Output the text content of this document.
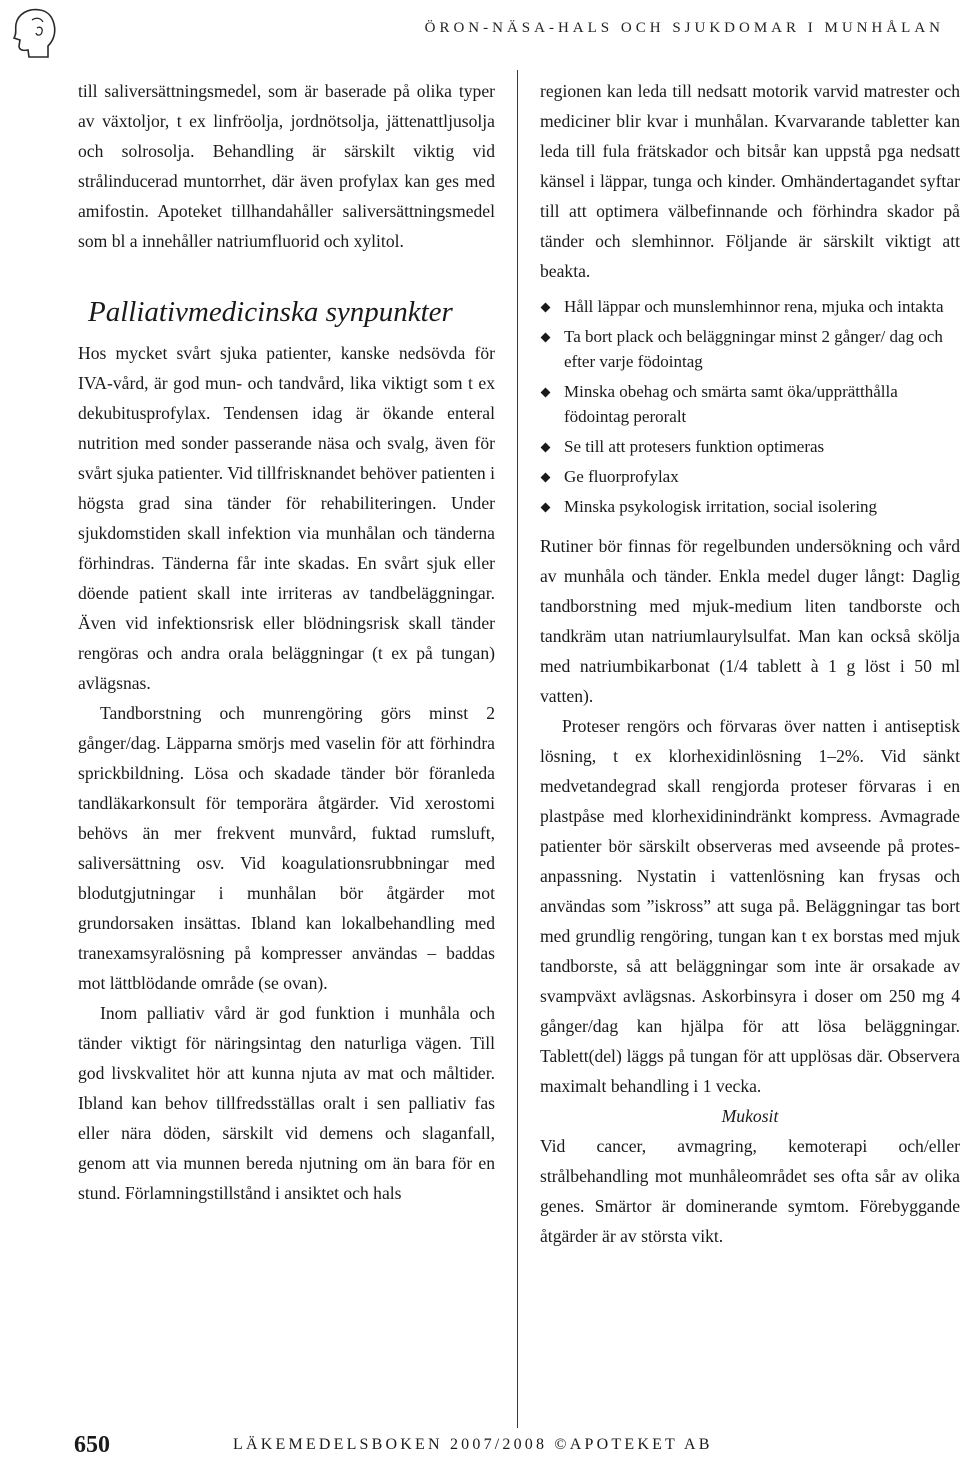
ÖRON-NÄSA-HALS OCH SJUKDOMAR I MUNHÅLAN

till saliversättningsmedel, som är baserade på olika typer av växtoljor, t ex linfröolja, jordnötsolja, jättenattljusolja och solrosolja. Behandling är särskilt viktig vid strålinducerad muntorrhet, där även profylax kan ges med amifostin. Apoteket tillhandahåller saliversättningsmedel som bl a innehåller natriumfluorid och xylitol.

Palliativmedicinska synpunkter

Hos mycket svårt sjuka patienter, kanske nedsövda för IVA-vård, är god mun- och tandvård, lika viktigt som t ex dekubitusprofylax. Tendensen idag är ökande enteral nutrition med sonder passerande näsa och svalg, även för svårt sjuka patienter. Vid tillfrisknandet behöver patienten i högsta grad sina tänder för rehabiliteringen. Under sjukdomstiden skall infektion via munhålan och tänderna förhindras. Tänderna får inte skadas. En svårt sjuk eller döende patient skall inte irriteras av tandbeläggningar. Även vid infektionsrisk eller blödningsrisk skall tänder rengöras och andra orala beläggningar (t ex på tungan) avlägsnas.

Tandborstning och munrengöring görs minst 2 gånger/dag. Läpparna smörjs med vaselin för att förhindra sprickbildning. Lösa och skadade tänder bör föranleda tandläkarkonsult för temporära åtgärder. Vid xerostomi behövs än mer frekvent munvård, fuktad rumsluft, saliversättning osv. Vid koagulationsrubbningar med blodutgjutningar i munhålan bör åtgärder mot grundorsaken insättas. Ibland kan lokalbehandling med tranexamsyralösning på kompresser användas – baddas mot lättblödande område (se ovan).

Inom palliativ vård är god funktion i munhåla och tänder viktigt för näringsintag den naturliga vägen. Till god livskvalitet hör att kunna njuta av mat och måltider. Ibland kan behov tillfredsställas oralt i sen palliativ fas eller nära döden, särskilt vid demens och slaganfall, genom att via munnen bereda njutning om än bara för en stund. Förlamningstillstånd i ansiktet och hals

regionen kan leda till nedsatt motorik varvid matrester och mediciner blir kvar i munhålan. Kvarvarande tabletter kan leda till fula frätskador och bitsår kan uppstå pga nedsatt känsel i läppar, tunga och kinder. Omhändertagandet syftar till att optimera välbefinnande och förhindra skador på tänder och slemhinnor. Följande är särskilt viktigt att beakta.

Håll läppar och munslemhinnor rena, mjuka och intakta
Ta bort plack och beläggningar minst 2 gånger/ dag och efter varje födointag
Minska obehag och smärta samt öka/upprätthålla födointag peroralt
Se till att protesers funktion optimeras
Ge fluorprofylax
Minska psykologisk irritation, social isolering

Rutiner bör finnas för regelbunden undersökning och vård av munhåla och tänder. Enkla medel duger långt: Daglig tandborstning med mjuk-medium liten tandborste och tandkräm utan natriumlaurylsulfat. Man kan också skölja med natriumbikarbonat (1/4 tablett à 1 g löst i 50 ml vatten).

Proteser rengörs och förvaras över natten i antiseptisk lösning, t ex klorhexidinlösning 1–2%. Vid sänkt medvetandegrad skall rengjorda proteser förvaras i en plastpåse med klorhexidinindränkt kompress. Avmagrade patienter bör särskilt observeras med avseende på protesanpassning. Nystatin i vattenlösning kan frysas och användas som ”iskross” att suga på. Beläggningar tas bort med grundlig rengöring, tungan kan t ex borstas med mjuk tandborste, så att beläggningar som inte är orsakade av svampväxt avlägsnas. Askorbinsyra i doser om 250 mg 4 gånger/dag kan hjälpa för att lösa beläggningar. Tablett(del) läggs på tungan för att upplösas där. Observera maximalt behandling i 1 vecka.

Mukosit

Vid cancer, avmagring, kemoterapi och/eller strålbehandling mot munhåleområdet ses ofta sår av olika genes. Smärtor är dominerande symtom. Förebyggande åtgärder är av största vikt.

650	LÄKEMEDELSBOKEN 2007/2008 ©APOTEKET AB
